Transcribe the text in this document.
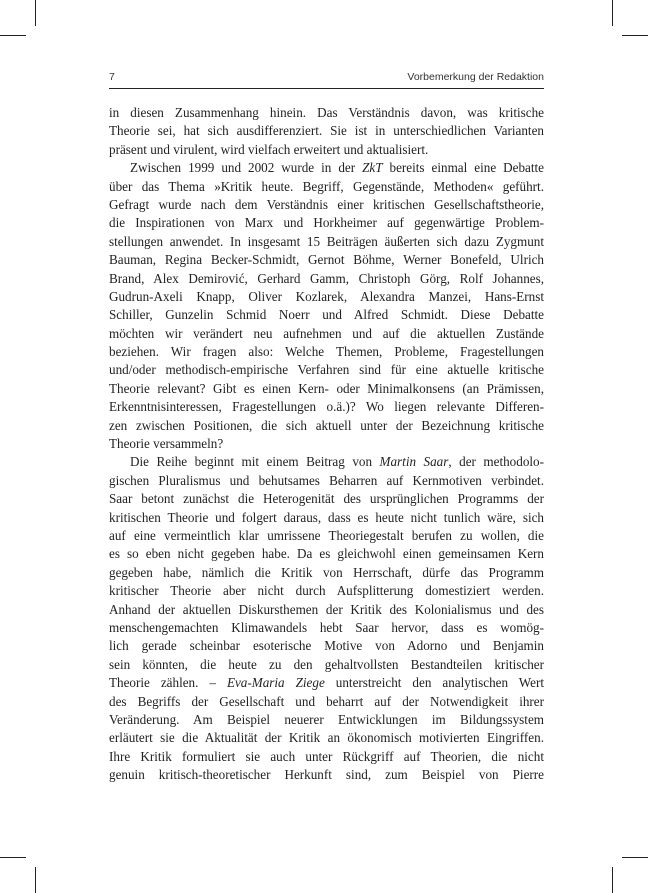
7	Vorbemerkung der Redaktion
in diesen Zusammenhang hinein. Das Verständnis davon, was kritische
Theorie sei, hat sich ausdifferenziert. Sie ist in unterschiedlichen Varianten
präsent und virulent, wird vielfach erweitert und aktualisiert.
Zwischen 1999 und 2002 wurde in der ZkT bereits einmal eine Debatte
über das Thema »Kritik heute. Begriff, Gegenstände, Methoden« geführt.
Gefragt wurde nach dem Verständnis einer kritischen Gesellschaftstheorie,
die Inspirationen von Marx und Horkheimer auf gegenwärtige Problem-
stellungen anwendet. In insgesamt 15 Beiträgen äußerten sich dazu Zygmunt
Bauman, Regina Becker-Schmidt, Gernot Böhme, Werner Bonefeld, Ulrich
Brand, Alex Demirović, Gerhard Gamm, Christoph Görg, Rolf Johannes,
Gudrun-Axeli Knapp, Oliver Kozlarek, Alexandra Manzei, Hans-Ernst
Schiller, Gunzelin Schmid Noerr und Alfred Schmidt. Diese Debatte
möchten wir verändert neu aufnehmen und auf die aktuellen Zustände
beziehen. Wir fragen also: Welche Themen, Probleme, Fragestellungen
und/oder methodisch-empirische Verfahren sind für eine aktuelle kritische
Theorie relevant? Gibt es einen Kern- oder Minimalkonsens (an Prämissen,
Erkenntnisinteressen, Fragestellungen o.ä.)? Wo liegen relevante Differen-
zen zwischen Positionen, die sich aktuell unter der Bezeichnung kritische
Theorie versammeln?
Die Reihe beginnt mit einem Beitrag von Martin Saar, der methodolo-
gischen Pluralismus und behutsames Beharren auf Kernmotiven verbindet.
Saar betont zunächst die Heterogenität des ursprünglichen Programms der
kritischen Theorie und folgert daraus, dass es heute nicht tunlich wäre, sich
auf eine vermeintlich klar umrissene Theoriegestalt berufen zu wollen, die
es so eben nicht gegeben habe. Da es gleichwohl einen gemeinsamen Kern
gegeben habe, nämlich die Kritik von Herrschaft, dürfe das Programm
kritischer Theorie aber nicht durch Aufsplitterung domestiziert werden.
Anhand der aktuellen Diskursthemen der Kritik des Kolonialismus und des
menschengemachten Klimawandels hebt Saar hervor, dass es womög-
lich gerade scheinbar esoterische Motive von Adorno und Benjamin
sein könnten, die heute zu den gehaltvollsten Bestandteilen kritischer
Theorie zählen. – Eva-Maria Ziege unterstreicht den analytischen Wert
des Begriffs der Gesellschaft und beharrt auf der Notwendigkeit ihrer
Veränderung. Am Beispiel neuerer Entwicklungen im Bildungssystem
erläutert sie die Aktualität der Kritik an ökonomisch motivierten Eingriffen.
Ihre Kritik formuliert sie auch unter Rückgriff auf Theorien, die nicht
genuin kritisch-theoretischer Herkunft sind, zum Beispiel von Pierre
